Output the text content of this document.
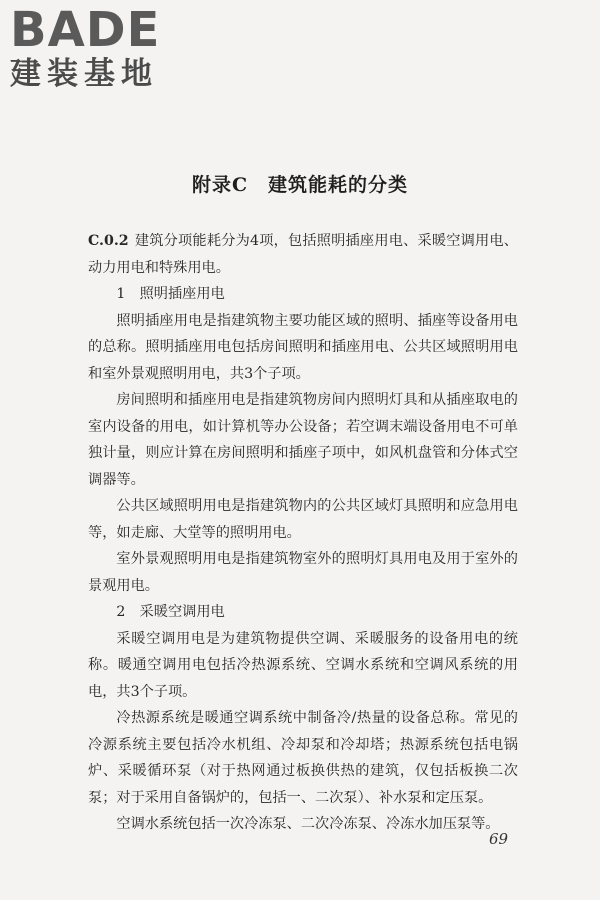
BADE
建装基地
附录C　建筑能耗的分类

C.0.2 建筑分项能耗分为4项，包括照明插座用电、采暖空调用电、动力用电和特殊用电。

1　照明插座用电

照明插座用电是指建筑物主要功能区域的照明、插座等设备用电的总称。照明插座用电包括房间照明和插座用电、公共区域照明用电和室外景观照明用电，共3个子项。

房间照明和插座用电是指建筑物房间内照明灯具和从插座取电的室内设备的用电，如计算机等办公设备；若空调末端设备用电不可单独计量，则应计算在房间照明和插座子项中，如风机盘管和分体式空调器等。

公共区域照明用电是指建筑物内的公共区域灯具照明和应急用电等，如走廊、大堂等的照明用电。

室外景观照明用电是指建筑物室外的照明灯具用电及用于室外的景观用电。

2　采暖空调用电

采暖空调用电是为建筑物提供空调、采暖服务的设备用电的统称。暖通空调用电包括冷热源系统、空调水系统和空调风系统的用电，共3个子项。

冷热源系统是暖通空调系统中制备冷/热量的设备总称。常见的冷源系统主要包括冷水机组、冷却泵和冷却塔；热源系统包括电锅炉、采暖循环泵（对于热网通过板换供热的建筑，仅包括板换二次泵；对于采用自备锅炉的，包括一、二次泵）、补水泵和定压泵。

空调水系统包括一次冷冻泵、二次冷冻泵、冷冻水加压泵等。

69
